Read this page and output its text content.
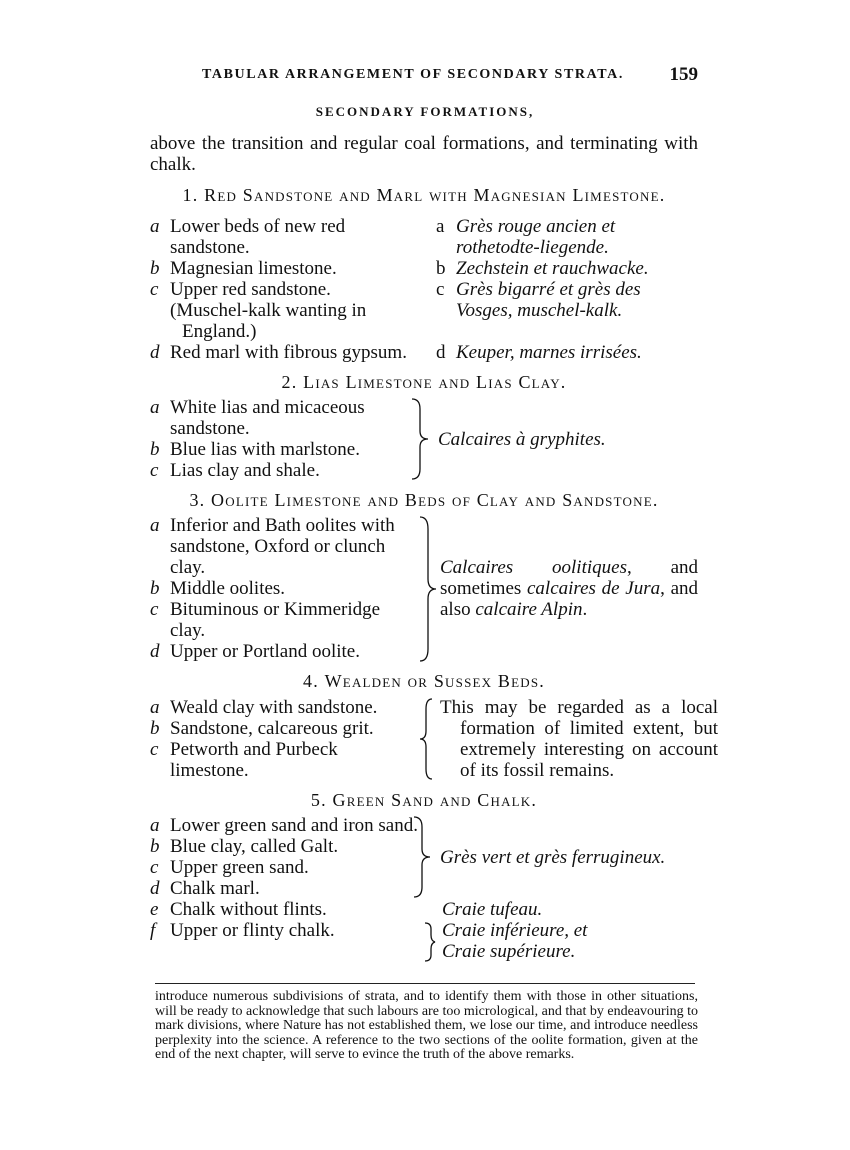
TABULAR ARRANGEMENT OF SECONDARY STRATA. 159
SECONDARY FORMATIONS,
above the transition and regular coal formations, and terminating with chalk.
1. Red Sandstone and Marl with Magnesian Limestone.
a Lower beds of new red sandstone.
b Magnesian limestone.
c Upper red sandstone.
(Muschel-kalk wanting in England.)
d Red marl with fibrous gypsum.
a Grès rouge ancien et rothetodte-liegende.
b Zechstein et rauchwacke.
c Grès bigarré et grès des Vosges, muschel-kalk.
d Keuper, marnes irrisées.
2. Lias Limestone and Lias Clay.
a White lias and micaceous sandstone.
b Blue lias with marlstone.
c Lias clay and shale.
Calcaires à gryphites.
3. Oolite Limestone and Beds of Clay and Sandstone.
a Inferior and Bath oolites with sandstone, Oxford or clunch clay.
b Middle oolites.
c Bituminous or Kimmeridge clay.
d Upper or Portland oolite.
Calcaires oolitiques, and sometimes calcaires de Jura, and also calcaire Alpin.
4. Wealden or Sussex Beds.
a Weald clay with sandstone.
b Sandstone, calcareous grit.
c Petworth and Purbeck limestone.
This may be regarded as a local formation of limited extent, but extremely interesting on account of its fossil remains.
5. Green Sand and Chalk.
a Lower green sand and iron sand.
b Blue clay, called Galt.
c Upper green sand.
d Chalk marl.
e Chalk without flints.
f Upper or flinty chalk.
Grès vert et grès ferrugineux.
Craie tufeau.
Craie inférieure, et
Craie supérieure.
introduce numerous subdivisions of strata, and to identify them with those in other situations, will be ready to acknowledge that such labours are too micrological, and that by endeavouring to mark divisions, where Nature has not established them, we lose our time, and introduce needless perplexity into the science. A reference to the two sections of the oolite formation, given at the end of the next chapter, will serve to evince the truth of the above remarks.
